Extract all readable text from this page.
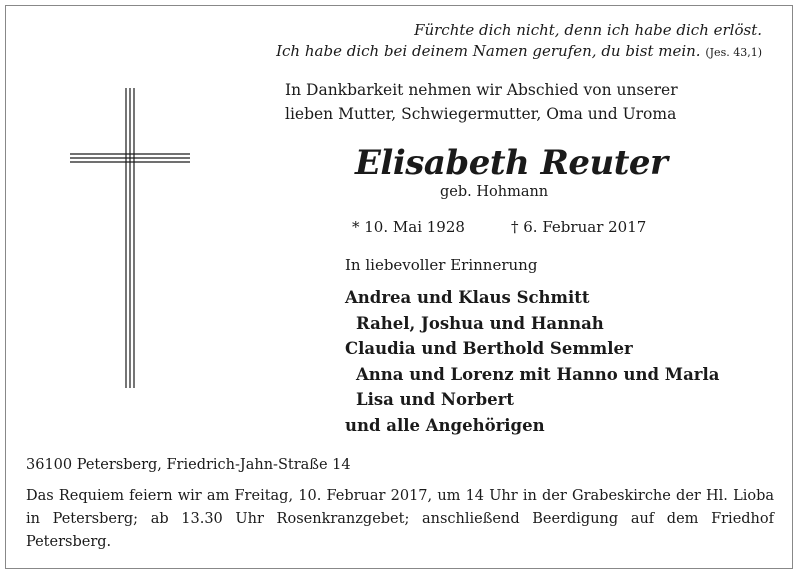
Fürchte dich nicht, denn ich habe dich erlöst.
Ich habe dich bei deinem Namen gerufen, du bist mein. (Jes. 43,1)
In Dankbarkeit nehmen wir Abschied von unserer
lieben Mutter, Schwiegermutter, Oma und Uroma
Elisabeth Reuter
geb. Hohmann
* 10. Mai 1928	† 6. Februar 2017
In liebevoller Erinnerung
Andrea und Klaus Schmitt
Rahel, Joshua und Hannah
Claudia und Berthold Semmler
Anna und Lorenz mit Hanno und Marla
Lisa und Norbert
und alle Angehörigen
36100 Petersberg, Friedrich-Jahn-Straße 14
Das Requiem feiern wir am Freitag, 10. Februar 2017, um 14 Uhr in der Grabeskirche der Hl. Lioba in Petersberg; ab 13.30 Uhr Rosenkranzgebet; anschließend Beerdigung auf dem Friedhof Petersberg.
